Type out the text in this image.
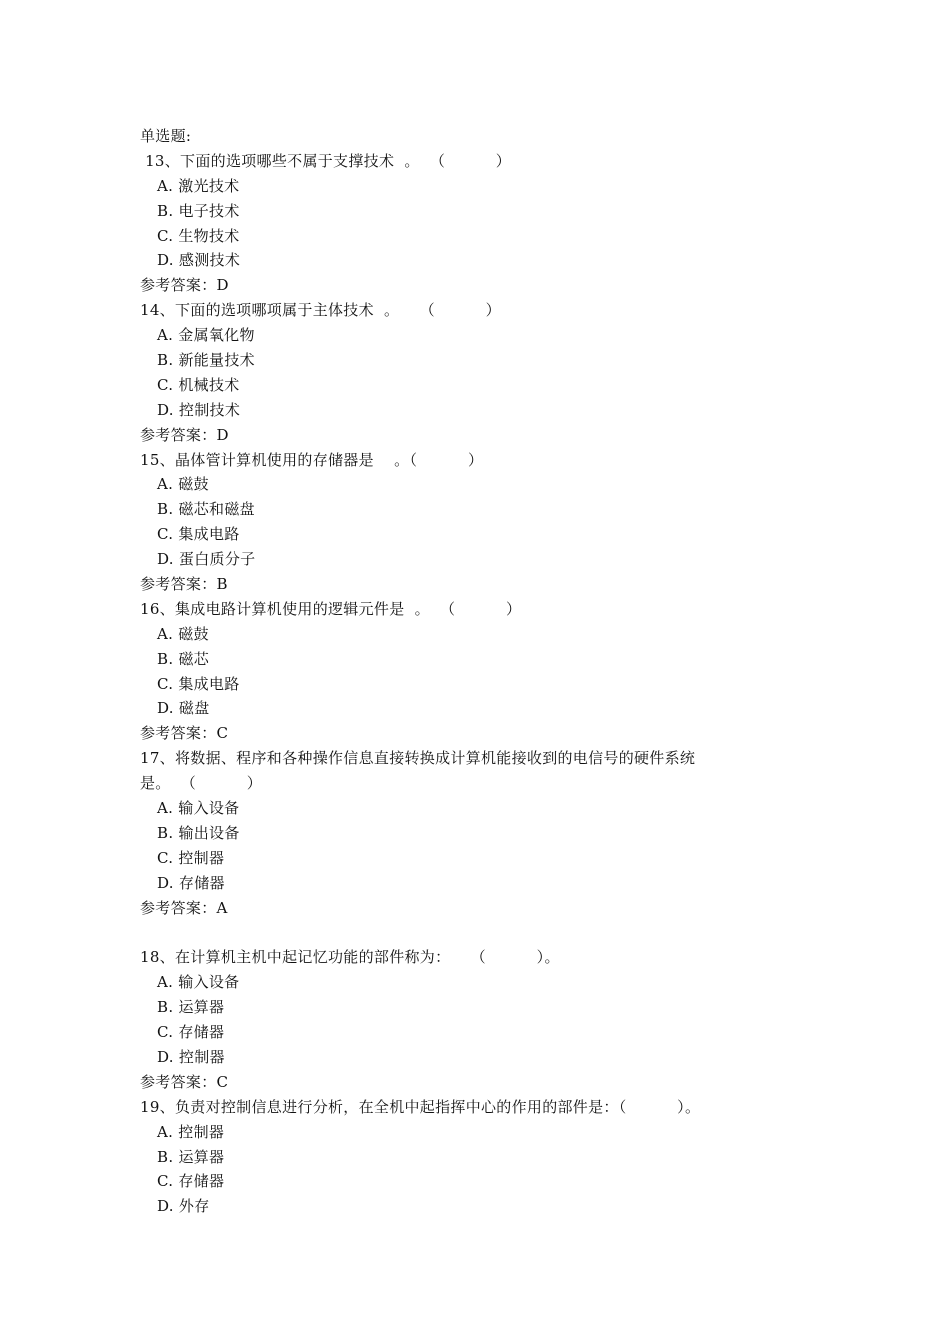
单选题:
13、下面的选项哪些不属于支撑技术  。  （          ）
A. 激光技术
B. 电子技术
C. 生物技术
D. 感测技术
参考答案：D
14、下面的选项哪项属于主体技术  。    （          ）
A. 金属氧化物
B. 新能量技术
C. 机械技术
D. 控制技术
参考答案：D
15、晶体管计算机使用的存储器是    。（          ）
A. 磁鼓
B. 磁芯和磁盘
C. 集成电路
D. 蛋白质分子
参考答案：B
16、集成电路计算机使用的逻辑元件是  。  （          ）
A. 磁鼓
B. 磁芯
C. 集成电路
D. 磁盘
参考答案：C
17、将数据、程序和各种操作信息直接转换成计算机能接收到的电信号的硬件系统
是。  （          ）
A. 输入设备
B. 输出设备
C. 控制器
D. 存储器
参考答案：A
18、在计算机主机中起记忆功能的部件称为：    （          ）。
A. 输入设备
B. 运算器
C. 存储器
D. 控制器
参考答案：C
19、负责对控制信息进行分析，在全机中起指挥中心的作用的部件是：（          ）。
A. 控制器
B. 运算器
C. 存储器
D. 外存
